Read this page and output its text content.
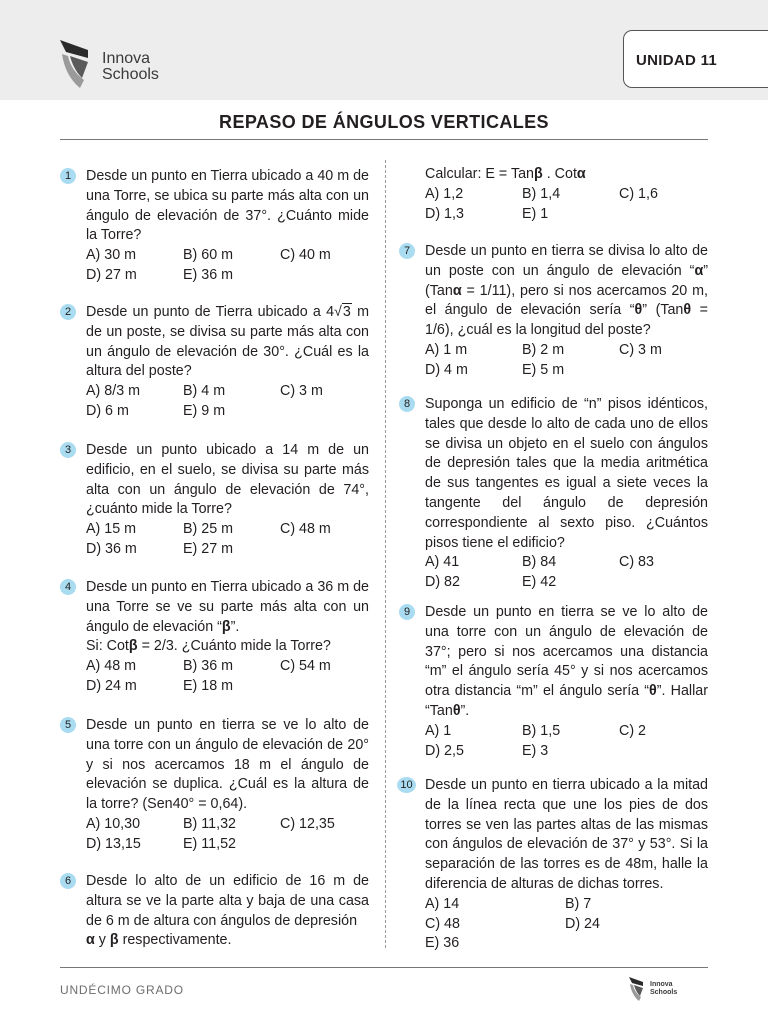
Innova
Schools
UNIDAD 11
REPASO DE ÁNGULOS VERTICALES
1	Desde un punto en Tierra ubicado a 40 m de una Torre, se ubica su parte más alta con un ángulo de elevación de 37°. ¿Cuánto mide la Torre?
A) 30 m	B) 60 m	C) 40 m
D) 27 m	E) 36 m
2	Desde un punto de Tierra ubicado a 4√3 m de un poste, se divisa su parte más alta con un ángulo de elevación de 30°. ¿Cuál es la altura del poste?
A) 8/3 m	B) 4 m	C) 3 m
D) 6 m	E) 9 m
3	Desde un punto ubicado a 14 m de un edificio, en el suelo, se divisa su parte más alta con un ángulo de elevación de 74°, ¿cuánto mide la Torre?
A) 15 m	B) 25 m	C) 48 m
D) 36 m	E) 27 m
4	Desde un punto en Tierra ubicado a 36 m de una Torre se ve su parte más alta con un ángulo de elevación “β”.
Si: Cotβ = 2/3. ¿Cuánto mide la Torre?
A) 48 m	B) 36 m	C) 54 m
D) 24 m	E) 18 m
5	Desde un punto en tierra se ve lo alto de una torre con un ángulo de elevación de 20° y si nos acercamos 18 m el ángulo de elevación se duplica. ¿Cuál es la altura de la torre? (Sen40° = 0,64).
A) 10,30	B) 11,32	C) 12,35
D) 13,15	E) 11,52
6	Desde lo alto de un edificio de 16 m de altura se ve la parte alta y baja de una casa de 6 m de altura con ángulos de depresión
α y β respectivamente.
Calcular: E = Tanβ . Cotα
A) 1,2	B) 1,4	C) 1,6
D) 1,3	E) 1
7	Desde un punto en tierra se divisa lo alto de un poste con un ángulo de elevación “α” (Tanα = 1/11), pero si nos acercamos 20 m, el ángulo de elevación sería “θ” (Tanθ = 1/6), ¿cuál es la longitud del poste?
A) 1 m	B) 2 m	C) 3 m
D) 4 m	E) 5 m
8	Suponga un edificio de “n” pisos idénticos, tales que desde lo alto de cada uno de ellos se divisa un objeto en el suelo con ángulos de depresión tales que la media aritmética de sus tangentes es igual a siete veces la tangente del ángulo de depresión correspondiente al sexto piso. ¿Cuántos pisos tiene el edificio?
A) 41	B) 84	C) 83
D) 82	E) 42
9	Desde un punto en tierra se ve lo alto de una torre con un ángulo de elevación de 37°; pero si nos acercamos una distancia “m” el ángulo sería 45° y si nos acercamos otra distancia “m” el ángulo sería “θ”. Hallar “Tanθ”.
A) 1	B) 1,5	C) 2
D) 2,5	E) 3
10 Desde un punto en tierra ubicado a la mitad de la línea recta que une los pies de dos torres se ven las partes altas de las mismas con ángulos de elevación de 37° y 53°. Si la separación de las torres es de 48m, halle la diferencia de alturas de dichas torres.
A) 14	B) 7
C) 48	D) 24
E) 36
UNDÉCIMO GRADO	Innova
Schools
